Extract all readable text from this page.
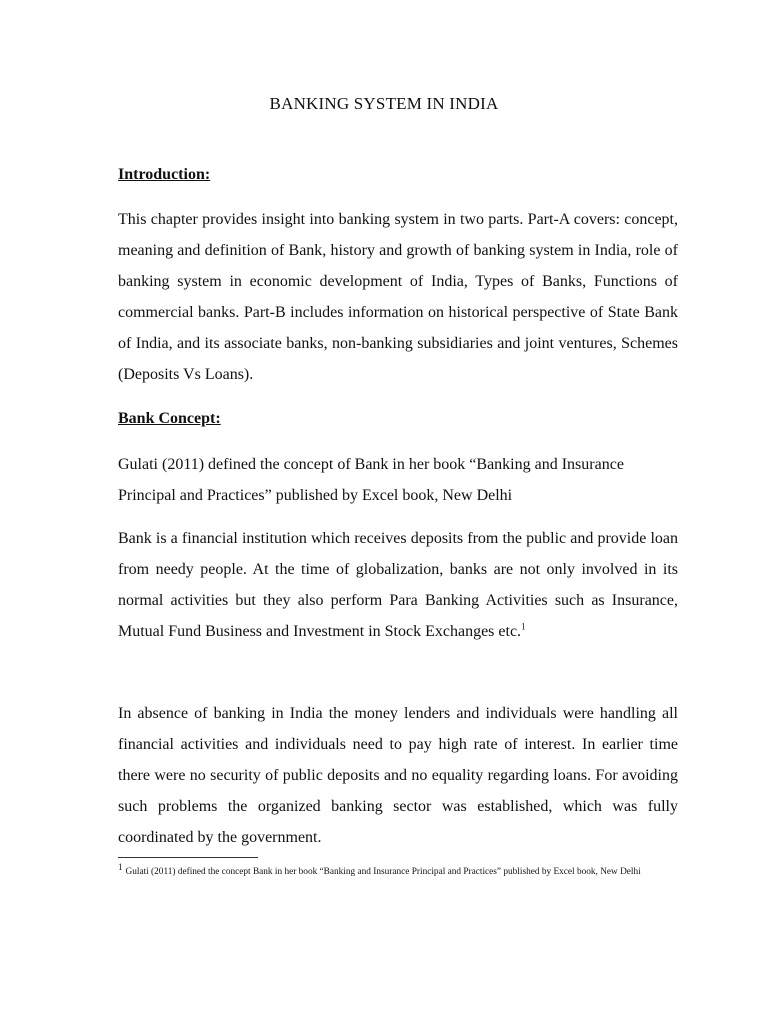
BANKING SYSTEM IN INDIA
Introduction:

This chapter provides insight into banking system in two parts. Part-A covers: concept, meaning and definition of Bank, history and growth of banking system in India, role of banking system in economic development of India, Types of Banks, Functions of commercial banks. Part-B includes information on historical perspective of State Bank of India, and its associate banks, non-banking subsidiaries and joint ventures, Schemes (Deposits Vs Loans).

Bank Concept:

Gulati (2011) defined the concept of Bank in her book “Banking and Insurance Principal and Practices” published by Excel book, New Delhi

Bank is a financial institution which receives deposits from the public and provide loan from needy people. At the time of globalization, banks are not only involved in its normal activities but they also perform Para Banking Activities such as Insurance, Mutual Fund Business and Investment in Stock Exchanges etc.$^1$

In absence of banking in India the money lenders and individuals were handling all financial activities and individuals need to pay high rate of interest. In earlier time there were no security of public deposits and no equality regarding loans. For avoiding such problems the organized banking sector was established, which was fully coordinated by the government.

1Gulati (2011) defined the concept Bank in her book “Banking and Insurance Principal and Practices” published by Excel book, New Delhi
